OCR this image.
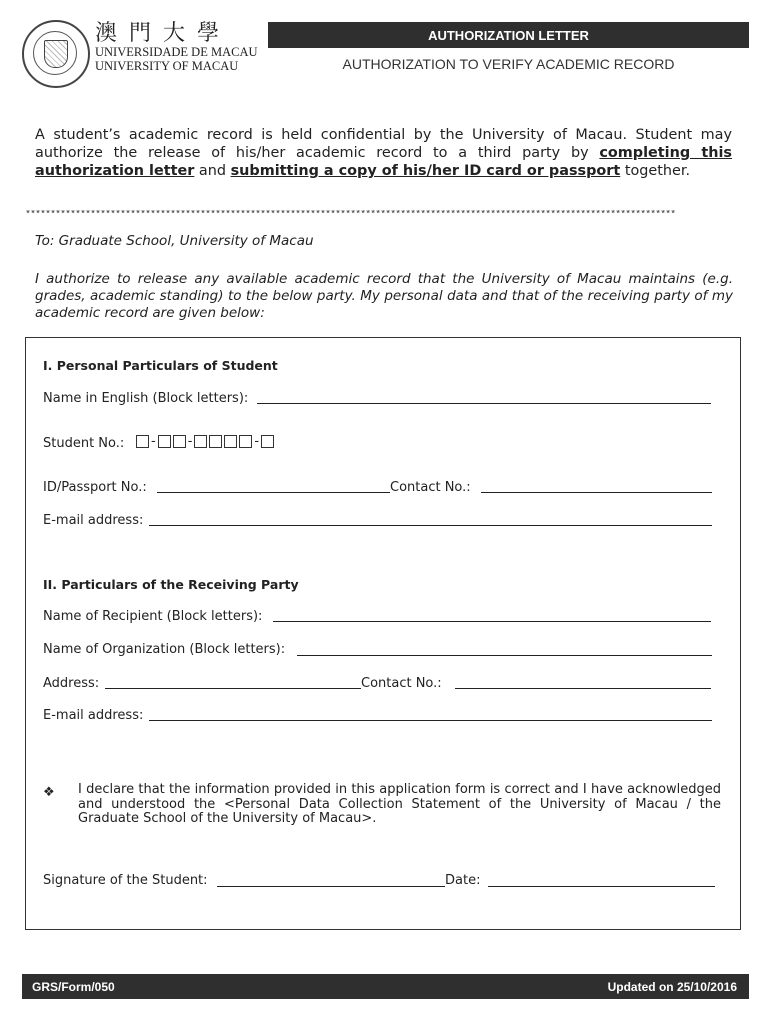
澳門大學
UNIVERSIDADE DE MACAU
UNIVERSITY OF MACAU
AUTHORIZATION LETTER
AUTHORIZATION TO VERIFY ACADEMIC RECORD
A student’s academic record is held confidential by the University of Macau. Student may authorize the release of his/her academic record to a third party by completing this authorization letter and submitting a copy of his/her ID card or passport together.
**********************************************************************************************************************************
To: Graduate School, University of Macau
I authorize to release any available academic record that the University of Macau maintains (e.g. grades, academic standing) to the below party. My personal data and that of the receiving party of my academic record are given below:
I. Personal Particulars of Student
Name in English (Block letters):
Student No.:	- -	-
ID/Passport No.:	Contact No.:
E-mail address:
II. Particulars of the Receiving Party
Name of Recipient (Block letters):
Name of Organization (Block letters):
Address:	Contact No.:
E-mail address:
❖ I declare that the information provided in this application form is correct and I have acknowledged and understood the <Personal Data Collection Statement of the University of Macau / the Graduate School of the University of Macau>.
Signature of the Student:	Date:
GRS/Form/050	Updated on 25/10/2016
